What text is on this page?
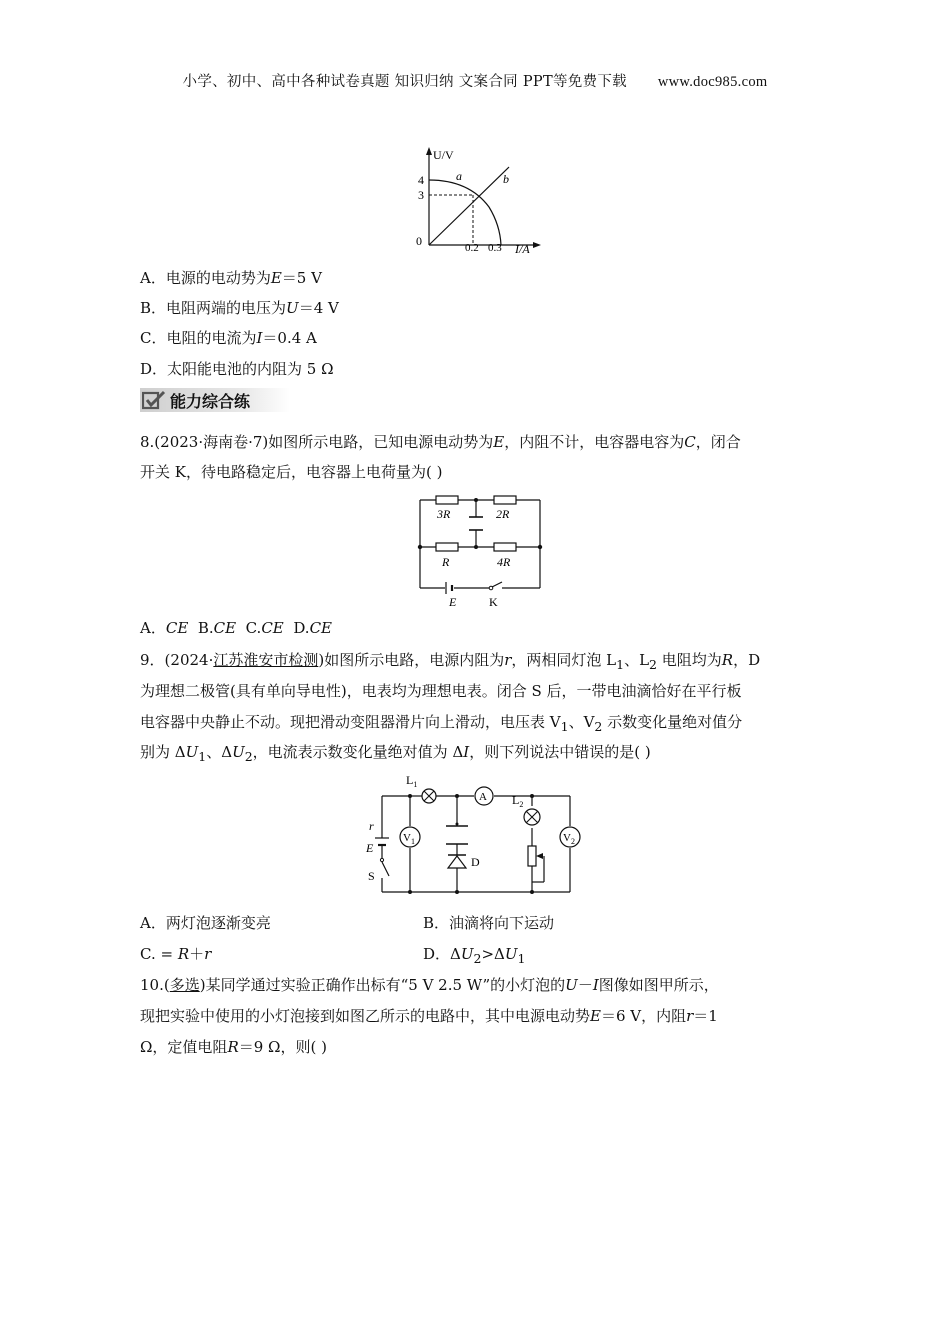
小学、初中、高中各种试卷真题 知识归纳 文案合同 PPT等免费下载 www.doc985.com
U/V
I/A
4
3
0	0.2 0.3
a	b
A．电源的电动势为E＝5 V
B．电阻两端的电压为U＝4 V
C．电阻的电流为I＝0.4 A
D．太阳能电池的内阻为 5 Ω
能力综合练
8.(2023·海南卷·7)如图所示电路，已知电源电动势为E，内阻不计，电容器电容为C，闭合
开关 K，待电路稳定后，电容器上电荷量为( )
3R	2R
R	4R
E	K
A．CE B.CE C.CE D.CE
9．(2024·江苏淮安市检测)如图所示电路，电源内阻为r，两相同灯泡 $L_1$、$L_2$ 电阻均为R，D
为理想二极管(具有单向导电性)，电表均为理想电表。闭合 S 后，一带电油滴恰好在平行板
电容器中央静止不动。现把滑动变阻器滑片向上滑动，电压表 $V_1$、$V_2$ 示数变化量绝对值分
别为 $\Delta U_1$、$\Delta U_2$，电流表示数变化量绝对值为 ΔI，则下列说法中错误的是( )
A
$V_1$	$V_2$
D
$L_1$
$L_2$
r
E
S
A．两灯泡逐渐变亮	B．油滴将向下运动
C. = R＋r	D．$\Delta U_2>\Delta U_1$
10.(多选)某同学通过实验正确作出标有“5 V 2.5 W”的小灯泡的U－I图像如图甲所示，
现把实验中使用的小灯泡接到如图乙所示的电路中，其中电源电动势E＝6 V，内阻r＝1
Ω，定值电阻R＝9 Ω，则( )
